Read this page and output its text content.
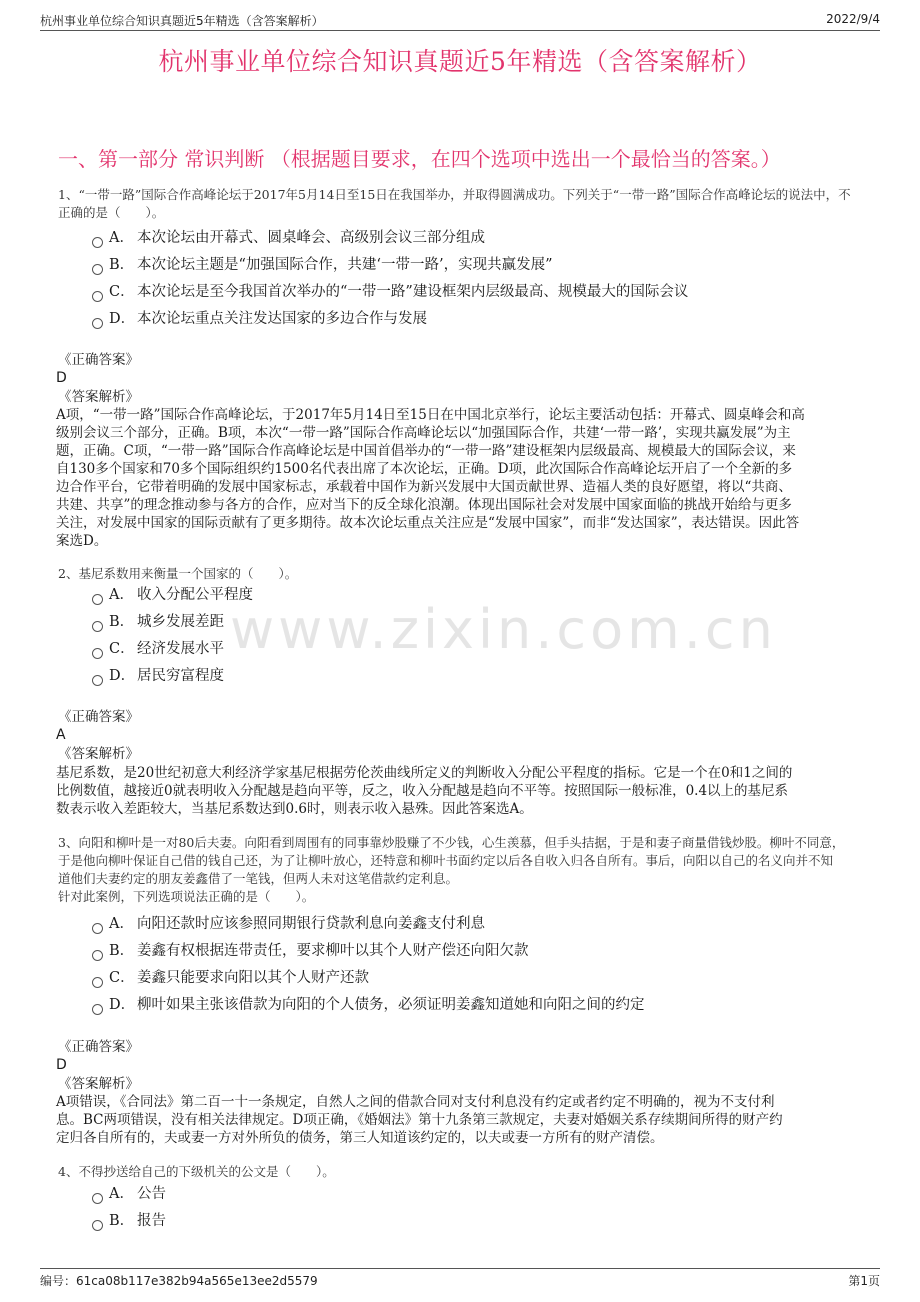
杭州事业单位综合知识真题近5年精选（含答案解析）	2022/9/4
杭州事业单位综合知识真题近5年精选（含答案解析）
一、第一部分 常识判断 （根据题目要求，在四个选项中选出一个最恰当的答案。）
www.zixin.com.cn
1、“一带一路”国际合作高峰论坛于2017年5月14日至15日在我国举办，并取得圆满成功。下列关于“一带一路”国际合作高峰论坛的说法中，不
正确的是（　　）。
A． 本次论坛由开幕式、圆桌峰会、高级别会议三部分组成
B． 本次论坛主题是“加强国际合作，共建‘一带一路’，实现共赢发展”
C． 本次论坛是至今我国首次举办的“一带一路”建设框架内层级最高、规模最大的国际会议
D． 本次论坛重点关注发达国家的多边合作与发展
《正确答案》
D
《答案解析》
A项，“一带一路”国际合作高峰论坛，于2017年5月14日至15日在中国北京举行，论坛主要活动包括：开幕式、圆桌峰会和高
级别会议三个部分，正确。B项，本次“一带一路”国际合作高峰论坛以“加强国际合作，共建‘一带一路’，实现共赢发展”为主
题，正确。C项，“一带一路”国际合作高峰论坛是中国首倡举办的“一带一路”建设框架内层级最高、规模最大的国际会议，来
自130多个国家和70多个国际组织约1500名代表出席了本次论坛，正确。D项，此次国际合作高峰论坛开启了一个全新的多
边合作平台，它带着明确的发展中国家标志，承载着中国作为新兴发展中大国贡献世界、造福人类的良好愿望，将以“共商、
共建、共享”的理念推动参与各方的合作，应对当下的反全球化浪潮。体现出国际社会对发展中国家面临的挑战开始给与更多
关注，对发展中国家的国际贡献有了更多期待。故本次论坛重点关注应是“发展中国家”，而非“发达国家”，表达错误。因此答
案选D。
2、基尼系数用来衡量一个国家的（　　）。
A． 收入分配公平程度
B． 城乡发展差距
C． 经济发展水平
D． 居民穷富程度
《正确答案》
A
《答案解析》
基尼系数，是20世纪初意大利经济学家基尼根据劳伦茨曲线所定义的判断收入分配公平程度的指标。它是一个在0和1之间的
比例数值，越接近0就表明收入分配越是趋向平等，反之，收入分配越是趋向不平等。按照国际一般标准，0.4以上的基尼系
数表示收入差距较大，当基尼系数达到0.6时，则表示收入悬殊。因此答案选A。
3、向阳和柳叶是一对80后夫妻。向阳看到周围有的同事靠炒股赚了不少钱，心生羡慕，但手头拮据，于是和妻子商量借钱炒股。柳叶不同意，
于是他向柳叶保证自己借的钱自己还，为了让柳叶放心，还特意和柳叶书面约定以后各自收入归各自所有。事后，向阳以自己的名义向并不知
道他们夫妻约定的朋友姜鑫借了一笔钱，但两人未对这笔借款约定利息。
针对此案例，下列选项说法正确的是（　　）。
A． 向阳还款时应该参照同期银行贷款利息向姜鑫支付利息
B． 姜鑫有权根据连带责任，要求柳叶以其个人财产偿还向阳欠款
C． 姜鑫只能要求向阳以其个人财产还款
D． 柳叶如果主张该借款为向阳的个人债务，必须证明姜鑫知道她和向阳之间的约定
《正确答案》
D
《答案解析》
A项错误，《合同法》第二百一十一条规定，自然人之间的借款合同对支付利息没有约定或者约定不明确的，视为不支付利
息。BC两项错误，没有相关法律规定。D项正确，《婚姻法》第十九条第三款规定，夫妻对婚姻关系存续期间所得的财产约
定归各自所有的，夫或妻一方对外所负的债务，第三人知道该约定的，以夫或妻一方所有的财产清偿。
4、不得抄送给自己的下级机关的公文是（　　）。
A． 公告
B． 报告
编号：61ca08b117e382b94a565e13ee2d5579	第1页
